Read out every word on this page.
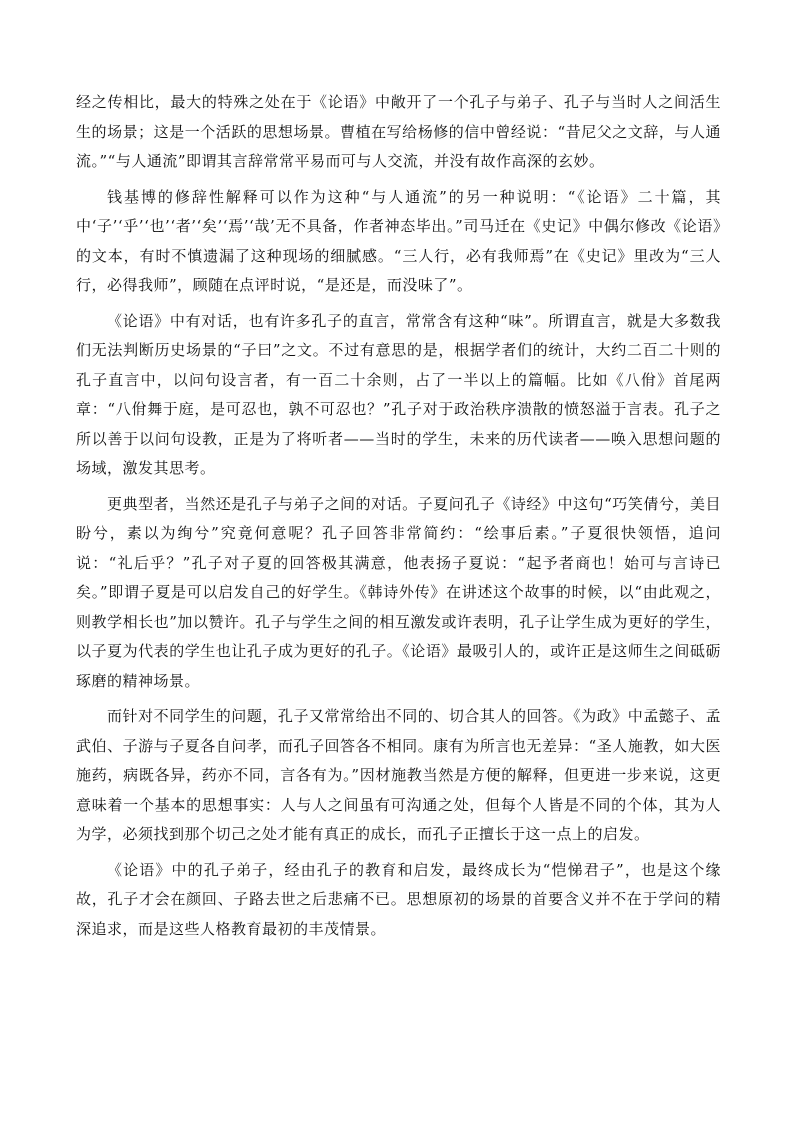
经之传相比，最大的特殊之处在于《论语》中敞开了一个孔子与弟子、孔子与当时人之间活生生的场景；这是一个活跃的思想场景。曹植在写给杨修的信中曾经说：“昔尼父之文辞，与人通流。”“与人通流”即谓其言辞常常平易而可与人交流，并没有故作高深的玄妙。

钱基博的修辞性解释可以作为这种“与人通流”的另一种说明：“《论语》二十篇，其中‘子’‘乎’‘也’‘者’‘矣’‘焉’‘哉’无不具备，作者神态毕出。”司马迁在《史记》中偶尔修改《论语》的文本，有时不慎遗漏了这种现场的细腻感。“三人行，必有我师焉”在《史记》里改为“三人行，必得我师”，顾随在点评时说，“是还是，而没味了”。

《论语》中有对话，也有许多孔子的直言，常常含有这种“味”。所谓直言，就是大多数我们无法判断历史场景的“子曰”之文。不过有意思的是，根据学者们的统计，大约二百二十则的孔子直言中，以问句设言者，有一百二十余则，占了一半以上的篇幅。比如《八佾》首尾两章：“八佾舞于庭，是可忍也，孰不可忍也？”孔子对于政治秩序溃散的愤怒溢于言表。孔子之所以善于以问句设教，正是为了将听者——当时的学生，未来的历代读者——唤入思想问题的场域，激发其思考。

更典型者，当然还是孔子与弟子之间的对话。子夏问孔子《诗经》中这句“巧笑倩兮，美目盼兮，素以为绚兮”究竟何意呢？孔子回答非常简约：“绘事后素。”子夏很快领悟，追问说：“礼后乎？”孔子对子夏的回答极其满意，他表扬子夏说：“起予者商也！始可与言诗已矣。”即谓子夏是可以启发自己的好学生。《韩诗外传》在讲述这个故事的时候，以“由此观之，则教学相长也”加以赞许。孔子与学生之间的相互激发或许表明，孔子让学生成为更好的学生，以子夏为代表的学生也让孔子成为更好的孔子。《论语》最吸引人的，或许正是这师生之间砥砺琢磨的精神场景。

而针对不同学生的问题，孔子又常常给出不同的、切合其人的回答。《为政》中孟懿子、孟武伯、子游与子夏各自问孝，而孔子回答各不相同。康有为所言也无差异：“圣人施教，如大医施药，病既各异，药亦不同，言各有为。”因材施教当然是方便的解释，但更进一步来说，这更意味着一个基本的思想事实：人与人之间虽有可沟通之处，但每个人皆是不同的个体，其为人为学，必须找到那个切己之处才能有真正的成长，而孔子正擅长于这一点上的启发。

《论语》中的孔子弟子，经由孔子的教育和启发，最终成长为“恺悌君子”，也是这个缘故，孔子才会在颜回、子路去世之后悲痛不已。思想原初的场景的首要含义并不在于学问的精深追求，而是这些人格教育最初的丰茂情景。
